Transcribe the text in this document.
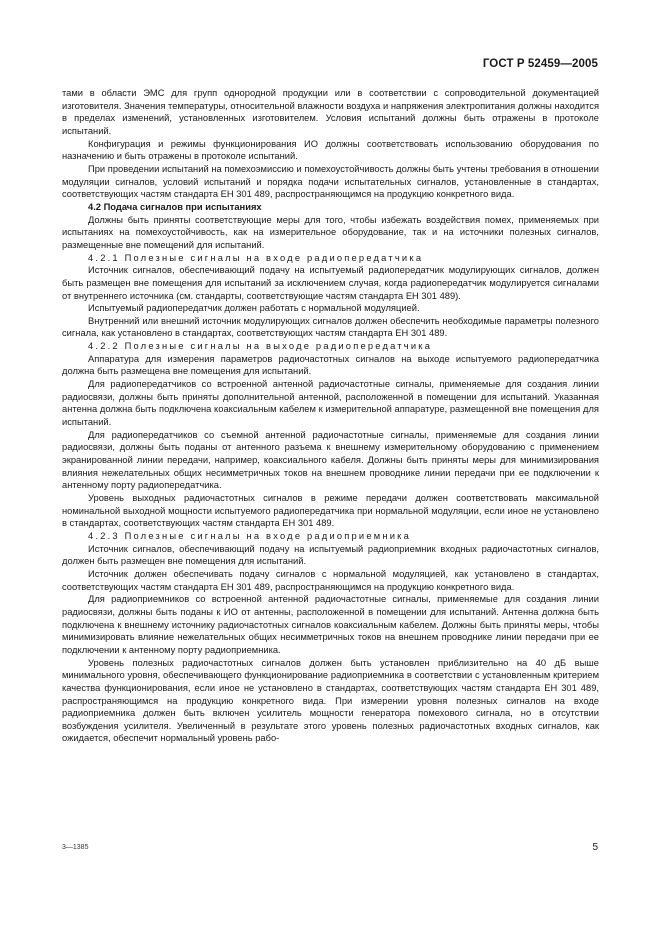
ГОСТ Р 52459—2005

тами в области ЭМС для групп однородной продукции или в соответствии с сопроводительной документацией изготовителя. Значения температуры, относительной влажности воздуха и напряжения электропитания должны находится в пределах изменений, установленных изготовителем. Условия испытаний должны быть отражены в протоколе испытаний.

Конфигурация и режимы функционирования ИО должны соответствовать использованию оборудования по назначению и быть отражены в протоколе испытаний.

При проведении испытаний на помехоэмиссию и помехоустойчивость должны быть учтены требования в отношении модуляции сигналов, условий испытаний и порядка подачи испытательных сигналов, установленные в стандартах, соответствующих частям стандарта ЕН 301 489, распространяющимся на продукцию конкретного вида.

4.2 Подача сигналов при испытаниях

Должны быть приняты соответствующие меры для того, чтобы избежать воздействия помех, применяемых при испытаниях на помехоустойчивость, как на измерительное оборудование, так и на источники полезных сигналов, размещенные вне помещений для испытаний.

4.2.1 Полезные сигналы на входе радиопередатчика

Источник сигналов, обеспечивающий подачу на испытуемый радиопередатчик модулирующих сигналов, должен быть размещен вне помещения для испытаний за исключением случая, когда радиопередатчик модулируется сигналами от внутреннего источника (см. стандарты, соответствующие частям стандарта ЕН 301 489).

Испытуемый радиопередатчик должен работать с нормальной модуляцией.

Внутренний или внешний источник модулирующих сигналов должен обеспечить необходимые параметры полезного сигнала, как установлено в стандартах, соответствующих частям стандарта ЕН 301 489.

4.2.2 Полезные сигналы на выходе радиопередатчика

Аппаратура для измерения параметров радиочастотных сигналов на выходе испытуемого радиопередатчика должна быть размещена вне помещения для испытаний.

Для радиопередатчиков со встроенной антенной радиочастотные сигналы, применяемые для создания линии радиосвязи, должны быть приняты дополнительной антенной, расположенной в помещении для испытаний. Указанная антенна должна быть подключена коаксиальным кабелем к измерительной аппаратуре, размещенной вне помещения для испытаний.

Для радиопередатчиков со съемной антенной радиочастотные сигналы, применяемые для создания линии радиосвязи, должны быть поданы от антенного разъема к внешнему измерительному оборудованию с применением экранированной линии передачи, например, коаксиального кабеля. Должны быть приняты меры для минимизирования влияния нежелательных общих несимметричных токов на внешнем проводнике линии передачи при ее подключении к антенному порту радиопередатчика.

Уровень выходных радиочастотных сигналов в режиме передачи должен соответствовать максимальной номинальной выходной мощности испытуемого радиопередатчика при нормальной модуляции, если иное не установлено в стандартах, соответствующих частям стандарта ЕН 301 489.

4.2.3 Полезные сигналы на входе радиоприемника

Источник сигналов, обеспечивающий подачу на испытуемый радиоприемник входных радиочастотных сигналов, должен быть размещен вне помещения для испытаний.

Источник должен обеспечивать подачу сигналов с нормальной модуляцией, как установлено в стандартах, соответствующих частям стандарта ЕН 301 489, распространяющимся на продукцию конкретного вида.

Для радиоприемников со встроенной антенной радиочастотные сигналы, применяемые для создания линии радиосвязи, должны быть поданы к ИО от антенны, расположенной в помещении для испытаний. Антенна должна быть подключена к внешнему источнику радиочастотных сигналов коаксиальным кабелем. Должны быть приняты меры, чтобы минимизировать влияние нежелательных общих несимметричных токов на внешнем проводнике линии передачи при ее подключении к антенному порту радиоприемника.

Уровень полезных радиочастотных сигналов должен быть установлен приблизительно на 40 дБ выше минимального уровня, обеспечивающего функционирование радиоприемника в соответствии с установленным критерием качества функционирования, если иное не установлено в стандартах, соответствующих частям стандарта ЕН 301 489, распространяющимся на продукцию конкретного вида. При измерении уровня полезных сигналов на входе радиоприемника должен быть включен усилитель мощности генератора помехового сигнала, но в отсутствии возбуждения усилителя. Увеличенный в результате этого уровень полезных радиочастотных входных сигналов, как ожидается, обеспечит нормальный уровень рабо-

3—1385	5
